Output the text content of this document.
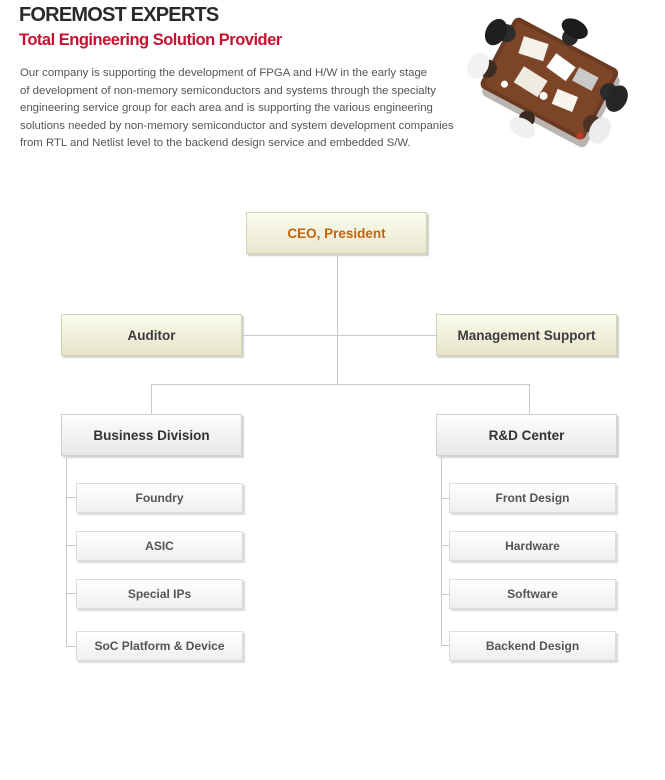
FOREMOST EXPERTS
Total Engineering Solution Provider
Our company is supporting the development of FPGA and H/W in the early stage
of development of non-memory semiconductors and systems through the specialty
engineering service group for each area and is supporting the various engineering
solutions needed by non-memory semiconductor and system development companies
from RTL and Netlist level to the backend design service and embedded S/W.
CEO, President
Auditor	Management Support
Business Division	R&D Center
Foundry
ASIC
Special IPs
SoC Platform & Device
Front Design
Hardware
Software
Backend Design
